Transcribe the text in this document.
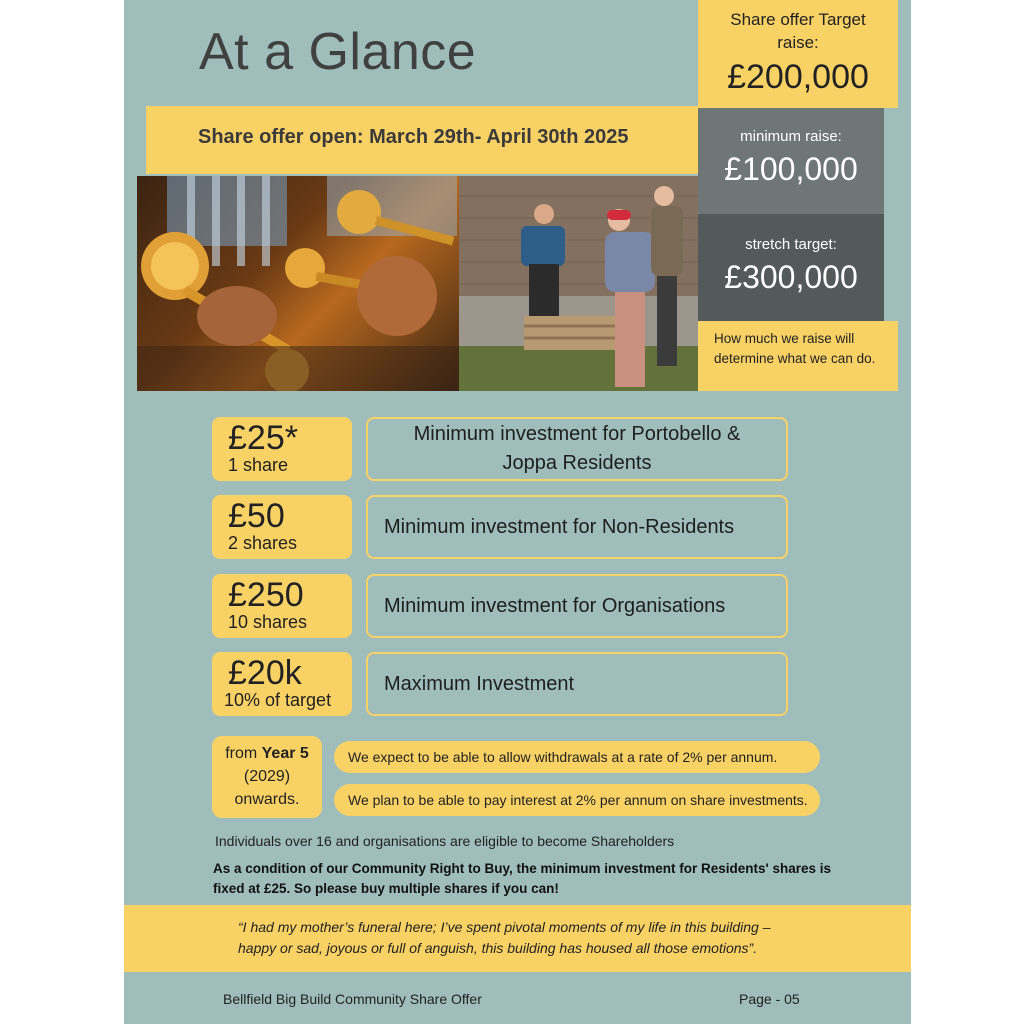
At a Glance
Share offer Target raise:
£200,000
Share offer open: March 29th- April 30th 2025	minimum raise:
£100,000
stretch target:
£300,000
How much we raise will determine what we can do.
£25*
1 share
Minimum investment for Portobello & Joppa Residents
£50
2 shares
Minimum investment for Non-Residents
£250
10 shares
Minimum investment for Organisations
£20k
10% of target
Maximum Investment
from Year 5
(2029)
onwards.
We expect to be able to allow withdrawals at a rate of 2% per annum.
We plan to be able to pay interest at 2% per annum on share investments.
Individuals over 16 and organisations are eligible to become Shareholders
As a condition of our Community Right to Buy, the minimum investment for Residents' shares is fixed at £25. So please buy multiple shares if you can!
“I had my mother’s funeral here; I’ve spent pivotal moments of my life in this building – happy or sad, joyous or full of anguish, this building has housed all those emotions”.
Bellfield Big Build Community Share Offer	Page - 05
